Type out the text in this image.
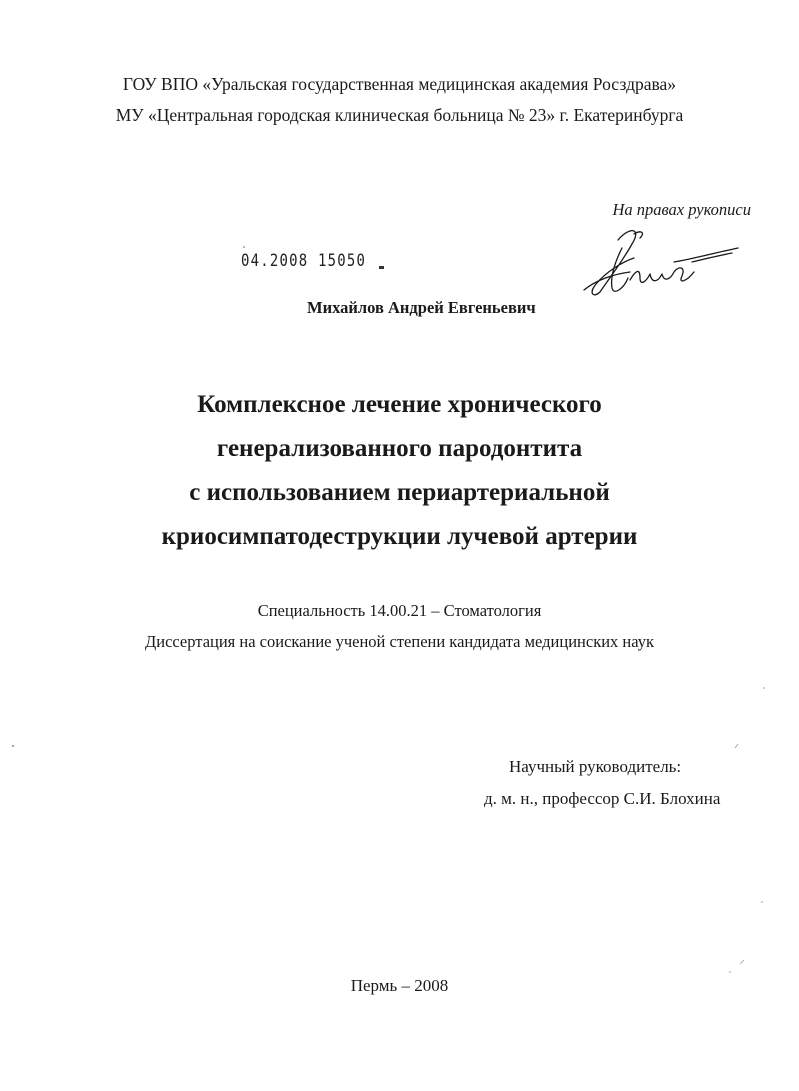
ГОУ ВПО «Уральская государственная медицинская академия Росздрава»
МУ «Центральная городская клиническая больница № 23» г. Екатеринбурга
На правах рукописи
04.2008 15050
Михайлов Андрей Евгеньевич
Комплексное лечение хронического
генерализованного пародонтита
с использованием периартериальной
криосимпатодеструкции лучевой артерии
Специальность 14.00.21 – Стоматология
Диссертация на соискание ученой степени кандидата медицинских наук
Научный руководитель:
д. м. н., профессор С.И. Блохина
Пермь – 2008
